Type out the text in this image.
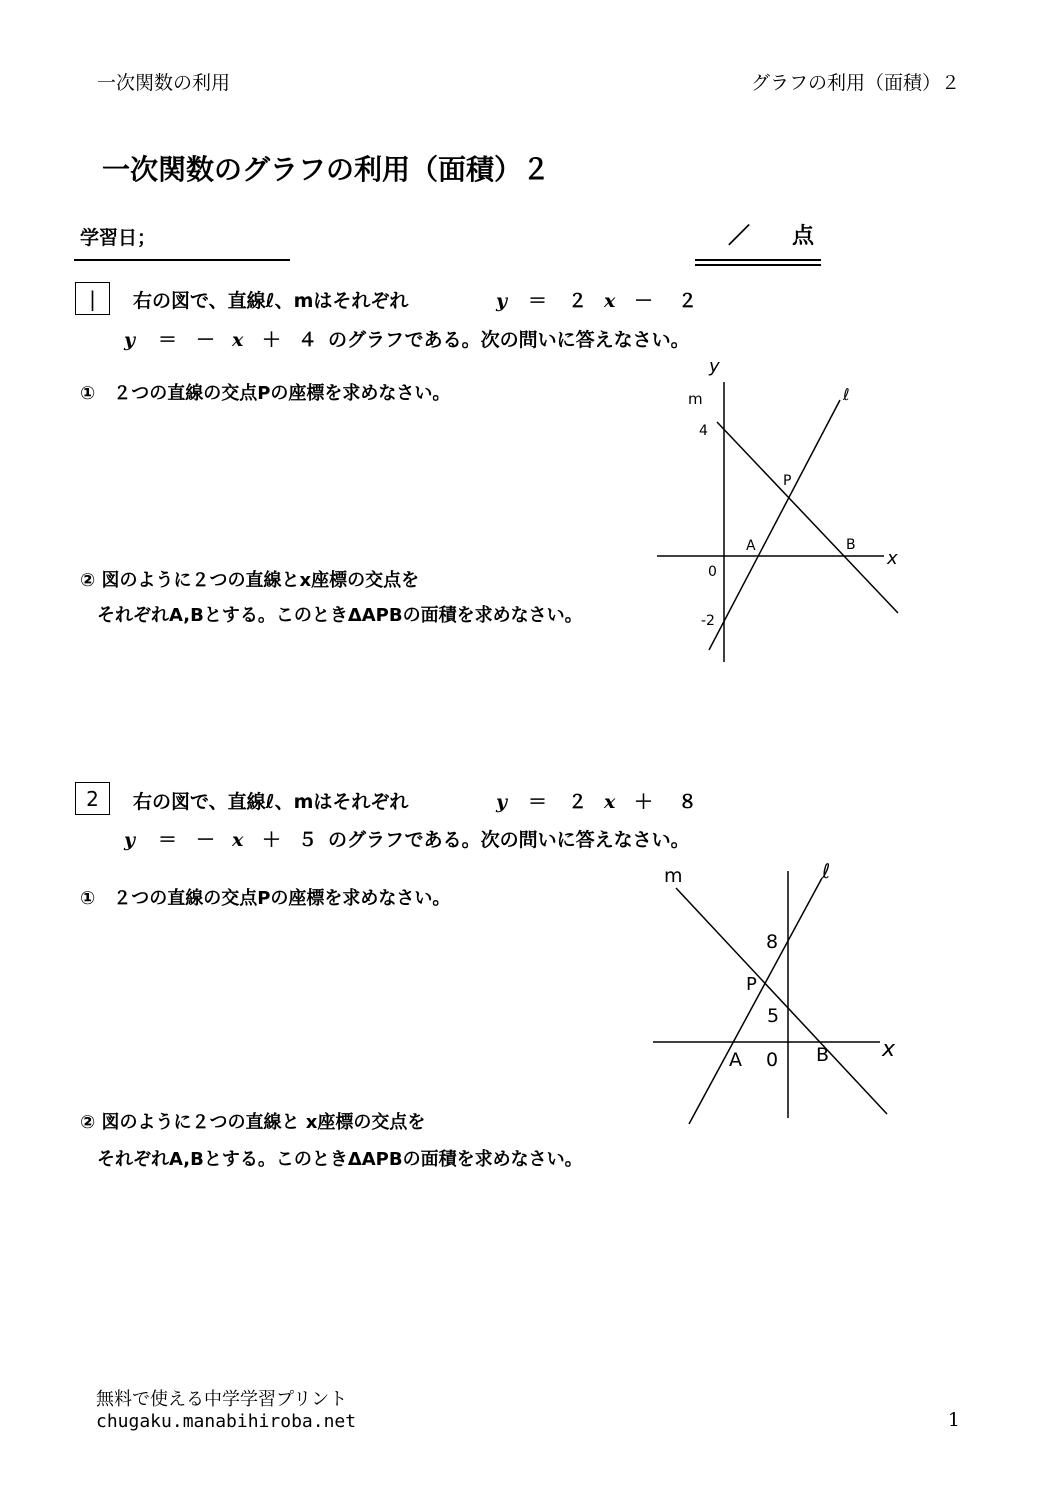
一次関数の利用	グラフの利用（面積）２
一次関数のグラフの利用（面積）２
学習日；	／ 点
| 右の図で、直線ℓ、mはそれぞれ	y ＝ ２ x － ２
y ＝ － x ＋ ４ のグラフである。次の問いに答えなさい。
①　２つの直線の交点Pの座標を求めなさい。
② 図のように２つの直線とx座標の交点を
それぞれA,Bとする。このときΔAPBの面積を求めなさい。
y
x
ℓ
m
4
0
-2
P
A	B
2 右の図で、直線ℓ、mはそれぞれ	y ＝ ２ x ＋ ８
y ＝ － x ＋ ５ のグラフである。次の問いに答えなさい。
①　２つの直線の交点Pの座標を求めなさい。
② 図のように２つの直線と x座標の交点を
それぞれA,Bとする。このときΔAPBの面積を求めなさい。
x
ℓ
m
8
5
0
P
A	B
無料で使える中学学習プリント
chugaku.manabihiroba.net	1
